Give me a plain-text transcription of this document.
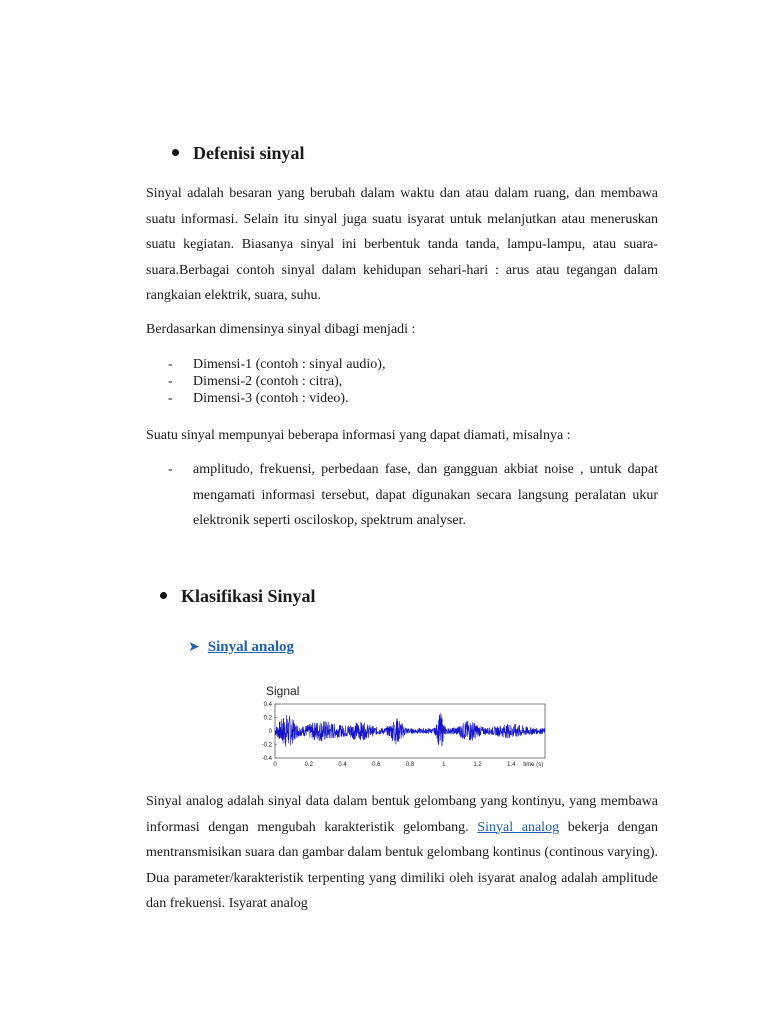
Defenisi sinyal
Sinyal adalah besaran yang berubah dalam waktu dan atau dalam ruang, dan membawa suatu informasi. Selain itu sinyal juga suatu isyarat untuk melanjutkan atau meneruskan suatu kegiatan. Biasanya sinyal ini berbentuk tanda tanda, lampu-lampu, atau suara-suara.Berbagai contoh sinyal dalam kehidupan sehari-hari : arus atau tegangan dalam rangkaian elektrik, suara, suhu.
Berdasarkan dimensinya sinyal dibagi menjadi :
- Dimensi-1 (contoh : sinyal audio),
- Dimensi-2 (contoh : citra),
- Dimensi-3 (contoh : video).
Suatu sinyal mempunyai beberapa informasi yang dapat diamati, misalnya :
- amplitudo, frekuensi, perbedaan fase, dan gangguan akbiat noise , untuk dapat mengamati informasi tersebut, dapat digunakan secara langsung peralatan ukur elektronik seperti osciloskop, spektrum analyser.
Klasifikasi Sinyal
➤ Sinyal analog
Signal
0.4
0.2
0
-0.2
-0.4
0	0.2	0.4	0.6	0.8	1	1.2	1.4 time (s)
Sinyal analog adalah sinyal data dalam bentuk gelombang yang kontinyu, yang membawa informasi dengan mengubah karakteristik gelombang. Sinyal analog bekerja dengan mentransmisikan suara dan gambar dalam bentuk gelombang kontinus (continous varying). Dua parameter/karakteristik terpenting yang dimiliki oleh isyarat analog adalah amplitude dan frekuensi. Isyarat analog
